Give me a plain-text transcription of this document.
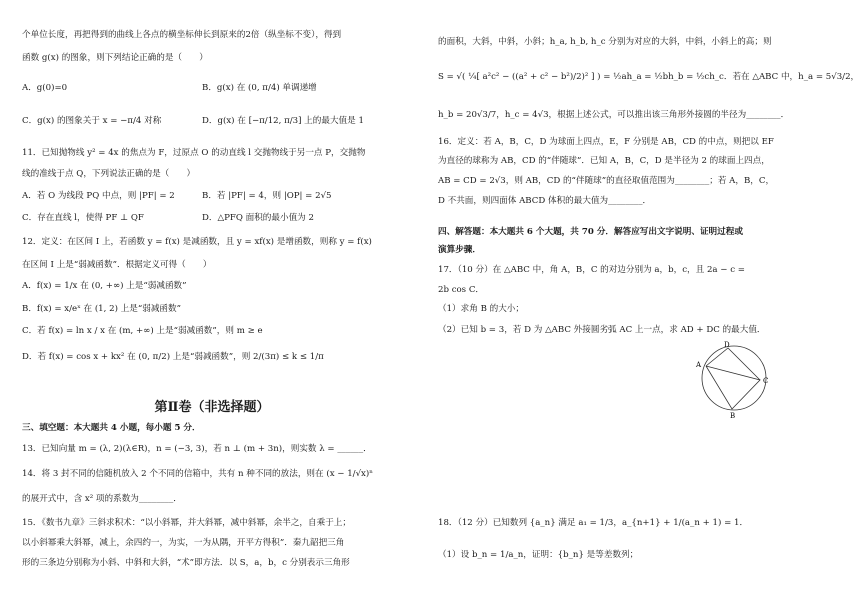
个单位长度，再把得到的曲线上各点的横坐标伸长到原来的2倍（纵坐标不变），得到
函数 g(x) 的图象，则下列结论正确的是（　　）
A．g(0)=0	B．g(x) 在 (0, π/4) 单调递增
C．g(x) 的图象关于 x = −π/4 对称	D．g(x) 在 [−π/12, π/3] 上的最大值是 1
11．已知抛物线 y² = 4x 的焦点为 F，过原点 O 的动直线 l 交抛物线于另一点 P，交抛物
线的准线于点 Q，下列说法正确的是（　　）
A．若 O 为线段 PQ 中点，则 |PF| = 2	B．若 |PF| = 4，则 |OP| = 2√5
C．存在直线 l，使得 PF ⊥ QF	D．△PFQ 面积的最小值为 2
12．定义：在区间 I 上，若函数 y = f(x) 是减函数，且 y = xf(x) 是增函数，则称 y = f(x)
在区间 I 上是“弱减函数”．根据定义可得（　　）
A．f(x) = 1/x 在 (0, +∞) 上是“弱减函数”
B．f(x) = x/eˣ 在 (1, 2) 上是“弱减函数”
C．若 f(x) = ln x / x 在 (m, +∞) 上是“弱减函数”，则 m ≥ e
D．若 f(x) = cos x + kx² 在 (0, π/2) 上是“弱减函数”，则 2/(3π) ≤ k ≤ 1/π
第Ⅱ卷（非选择题）
三、填空题：本大题共 4 小题，每小题 5 分．
13．已知向量 m = (λ, 2)(λ∈R)，n = (−3, 3)，若 n ⊥ (m + 3n)，则实数 λ = ______．
14．将 3 封不同的信随机放入 2 个不同的信箱中，共有 n 种不同的放法，则在 (x − 1/√x)ⁿ
的展开式中，含 x² 项的系数为________．
15．《数书九章》三斜求积术：“以小斜幂，并大斜幂，减中斜幂，余半之，自乘于上；
以小斜幂乘大斜幂，减上，余四约一，为实，一为从隅，开平方得积”．秦九韶把三角
形的三条边分别称为小斜、中斜和大斜，“术”即方法．以 S，a，b，c 分别表示三角形
的面积，大斜，中斜，小斜；h_a, h_b, h_c 分别为对应的大斜，中斜，小斜上的高；则
S = √( ¼[ a²c² − ((a² + c² − b²)/2)² ] ) = ½ah_a = ½bh_b = ½ch_c．若在 △ABC 中，h_a = 5√3/2，
h_b = 20√3/7，h_c = 4√3，根据上述公式，可以推出该三角形外接圆的半径为________．
16．定义：若 A，B，C，D 为球面上四点，E，F 分别是 AB，CD 的中点，则把以 EF
为直径的球称为 AB，CD 的“伴随球”．已知 A，B，C，D 是半径为 2 的球面上四点，
AB = CD = 2√3，则 AB，CD 的“伴随球”的直径取值范围为________；若 A，B，C，
D 不共面，则四面体 ABCD 体积的最大值为________．
四、解答题：本大题共 6 个大题，共 70 分．解答应写出文字说明、证明过程或
演算步骤．
17．（10 分）在 △ABC 中，角 A，B，C 的对边分别为 a，b，c，且 2a − c =
2b cos C．
（1）求角 B 的大小；
（2）已知 b = 3，若 D 为 △ABC 外接圆劣弧 AC 上一点，求 AD + DC 的最大值．
A
D
C
B
18．（12 分）已知数列 {a_n} 满足 a₁ = 1/3，a_{n+1} + 1/(a_n + 1) = 1．
（1）设 b_n = 1/a_n，证明：{b_n} 是等差数列；
